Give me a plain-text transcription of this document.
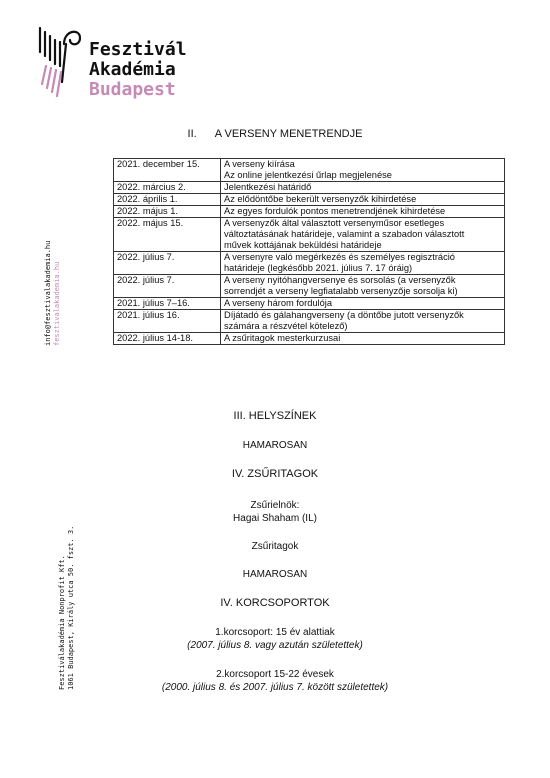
Fesztivál
Akadémia
Budapest
info@fesztivalakademia.hu fesztivalakademia.hu
Fesztiválakadémia Nonprofit Kft. 1061 Budapest, Király utca 50. fszt. 3.
II. A VERSENY MENETRENDJE
2021. december 15.	A verseny kiírása
Az online jelentkezési űrlap megjelenése

2022. március 2.	Jelentkezési határidő

2022. április 1.	Az elődöntőbe bekerült versenyzők kihirdetése

2022. május 1.	Az egyes fordulók pontos menetrendjének kihirdetése

2022. május 15.	A versenyzők által választott versenyműsor esetleges
változtatásának határideje, valamint a szabadon választott
művek kottájának beküldési határideje

2022. július 7.	A versenyre való megérkezés és személyes regisztráció
határideje (legkésőbb 2021. július 7. 17 óráig)

2022. július 7.	A verseny nyitóhangversenye és sorsolás (a versenyzők
sorrendjét a verseny legfiatalabb versenyzője sorsolja ki)

2021. július 7–16.	A verseny három fordulója

2021. július 16.	Díjátadó és gálahangverseny (a döntőbe jutott versenyzők
számára a részvétel kötelező)

2022. július 14-18.	A zsűritagok mesterkurzusai
III. HELYSZÍNEK
HAMAROSAN
IV. ZSŰRITAGOK
Zsűrielnök:
Hagai Shaham (IL)
Zsűritagok
HAMAROSAN
IV. KORCSOPORTOK
1.korcsoport: 15 év alattiak
(2007. július 8. vagy azután születettek)
2.korcsoport 15-22 évesek
(2000. július 8. és 2007. július 7. között születettek)
